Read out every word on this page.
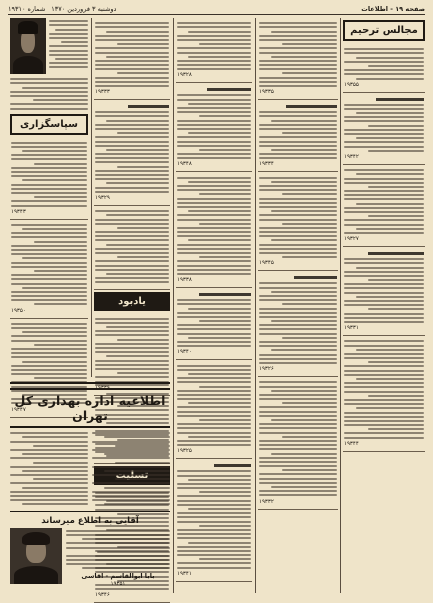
صفحه ۱۹ - اطلاعات
دوشنبه ۳ فروردین ۱۳۷۰
شماره ۱۹۳۱۰
مجالس ترحیم
۱۹۳۵۵
۱۹۳۴۲
۱۹۳۲۷
۱۹۳۳۱
۱۹۳۴۴
۱۹۳۳۵
۱۹۳۳۴
۱۹۳۴۵
۱۹۳۲۶
۱۹۳۳۲
۱۹۳۲۸
۱۹۳۴۸
۱۹۳۳۸
۱۹۳۴۰
۱۹۳۲۵
۱۹۳۴۱
۱۹۳۳۳
۱۹۳۲۹
یادبود
۱۹۳۴۶
سپاسگزاری
۱۹۳۴۳
۱۹۳۵۰
۱۹۳۴۷
اطلاعیه اداره بهداری کل تهران
آقایی به اطلاع میرساند
بابا ابوالقاسم - اقاسی
۱۹۳۵۱
